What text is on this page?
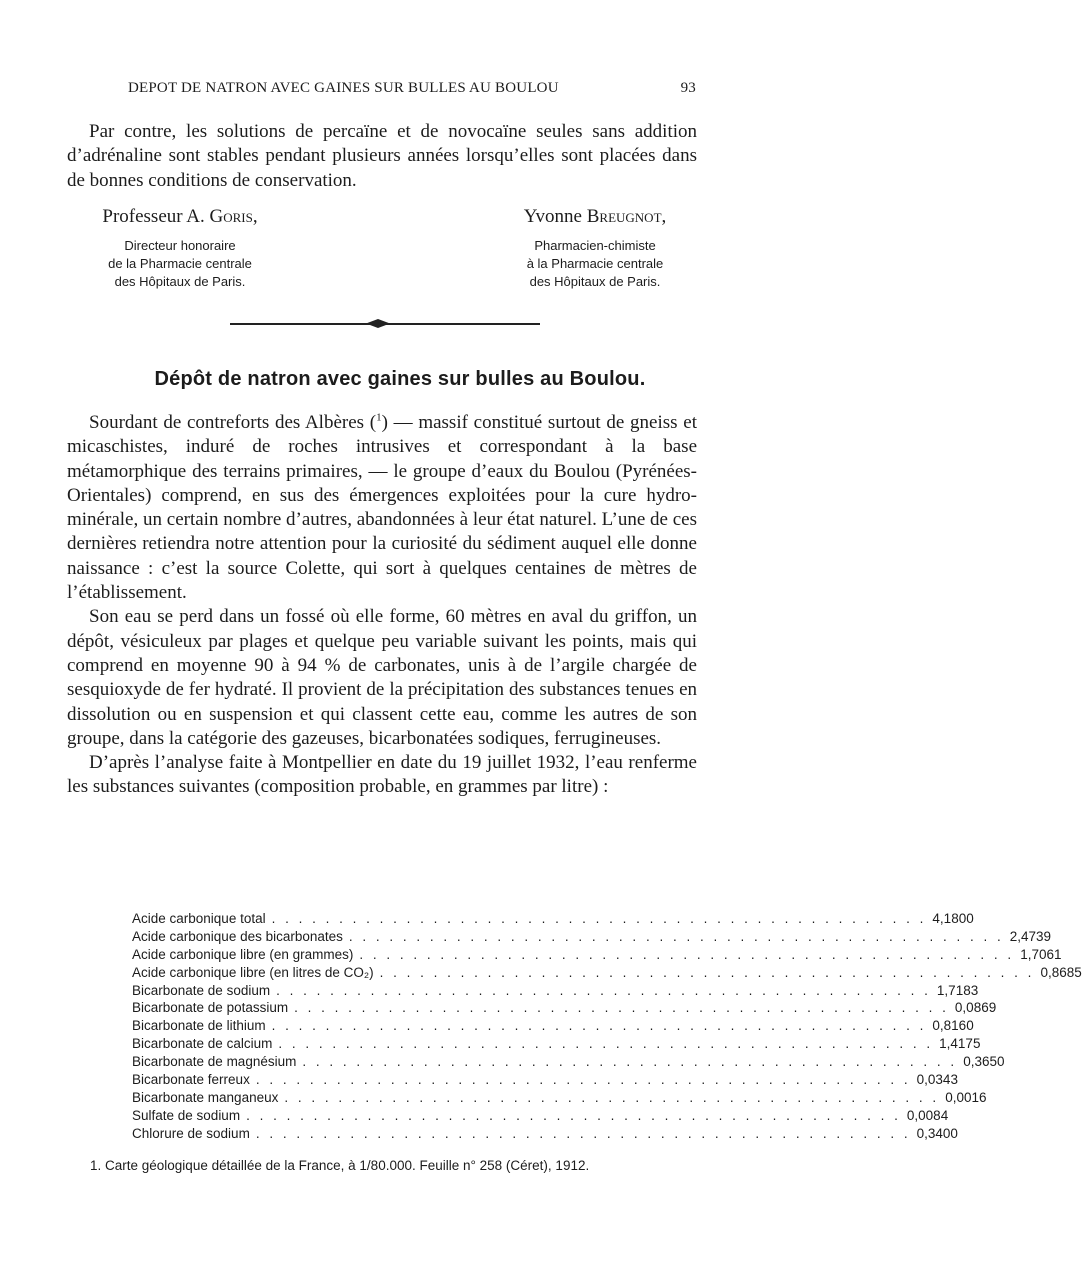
DEPOT DE NATRON AVEC GAINES SUR BULLES AU BOULOU	93

Par contre, les solutions de percaïne et de novocaïne seules sans addition d’adrénaline sont stables pendant plusieurs années lorsqu’elles sont placées dans de bonnes conditions de conservation.

Professeur A. Goris,
Directeur honoraire
de la Pharmacie centrale
des Hôpitaux de Paris.
Yvonne Breugnot,
Pharmacien-chimiste
à la Pharmacie centrale
des Hôpitaux de Paris.
Dépôt de natron avec gaines sur bulles au Boulou.

Sourdant de contreforts des Albères ($^1$) — massif constitué surtout de gneiss et micaschistes, induré de roches intrusives et correspondant à la base métamorphique des terrains primaires, — le groupe d’eaux du Boulou (Pyrénées-Orientales) comprend, en sus des émergences exploitées pour la cure hydro-minérale, un certain nombre d’autres, abandonnées à leur état naturel. L’une de ces dernières retiendra notre attention pour la curiosité du sédiment auquel elle donne naissance : c’est la source Colette, qui sort à quelques centaines de mètres de l’établissement.

Son eau se perd dans un fossé où elle forme, 60 mètres en aval du griffon, un dépôt, vésiculeux par plages et quelque peu variable suivant les points, mais qui comprend en moyenne 90 à 94 % de carbonates, unis à de l’argile chargée de sesquioxyde de fer hydraté. Il provient de la précipitation des substances tenues en dissolution ou en suspension et qui classent cette eau, comme les autres de son groupe, dans la catégorie des gazeuses, bicarbonatées sodiques, ferrugineuses.

D’après l’analyse faite à Montpellier en date du 19 juillet 1932, l’eau renferme les substances suivantes (composition probable, en grammes par litre) :

Acide carbonique total . . . . . . . . . . . . . . . . . . . . . . . . . . . . . . . . . . . . . . . . . . . . . . . . . 4,1800
Acide carbonique des bicarbonates . . . . . . . . . . . . . . . . . . . . . . . . . . . . . . . . . . . . . . . . . . . . . . . . . 2,4739
Acide carbonique libre (en grammes) . . . . . . . . . . . . . . . . . . . . . . . . . . . . . . . . . . . . . . . . . . . . . . . . . 1,7061
Acide carbonique libre (en litres de CO₂) . . . . . . . . . . . . . . . . . . . . . . . . . . . . . . . . . . . . . . . . . . . . . . . . . 0,8685
Bicarbonate de sodium . . . . . . . . . . . . . . . . . . . . . . . . . . . . . . . . . . . . . . . . . . . . . . . . . 1,7183
Bicarbonate de potassium . . . . . . . . . . . . . . . . . . . . . . . . . . . . . . . . . . . . . . . . . . . . . . . . . 0,0869
Bicarbonate de lithium . . . . . . . . . . . . . . . . . . . . . . . . . . . . . . . . . . . . . . . . . . . . . . . . . 0,8160
Bicarbonate de calcium . . . . . . . . . . . . . . . . . . . . . . . . . . . . . . . . . . . . . . . . . . . . . . . . . 1,4175
Bicarbonate de magnésium . . . . . . . . . . . . . . . . . . . . . . . . . . . . . . . . . . . . . . . . . . . . . . . . . 0,3650
Bicarbonate ferreux . . . . . . . . . . . . . . . . . . . . . . . . . . . . . . . . . . . . . . . . . . . . . . . . . 0,0343
Bicarbonate manganeux . . . . . . . . . . . . . . . . . . . . . . . . . . . . . . . . . . . . . . . . . . . . . . . . . 0,0016
Sulfate de sodium . . . . . . . . . . . . . . . . . . . . . . . . . . . . . . . . . . . . . . . . . . . . . . . . . 0,0084
Chlorure de sodium . . . . . . . . . . . . . . . . . . . . . . . . . . . . . . . . . . . . . . . . . . . . . . . . . 0,3400
1. Carte géologique détaillée de la France, à 1/80.000. Feuille n° 258 (Céret), 1912.
